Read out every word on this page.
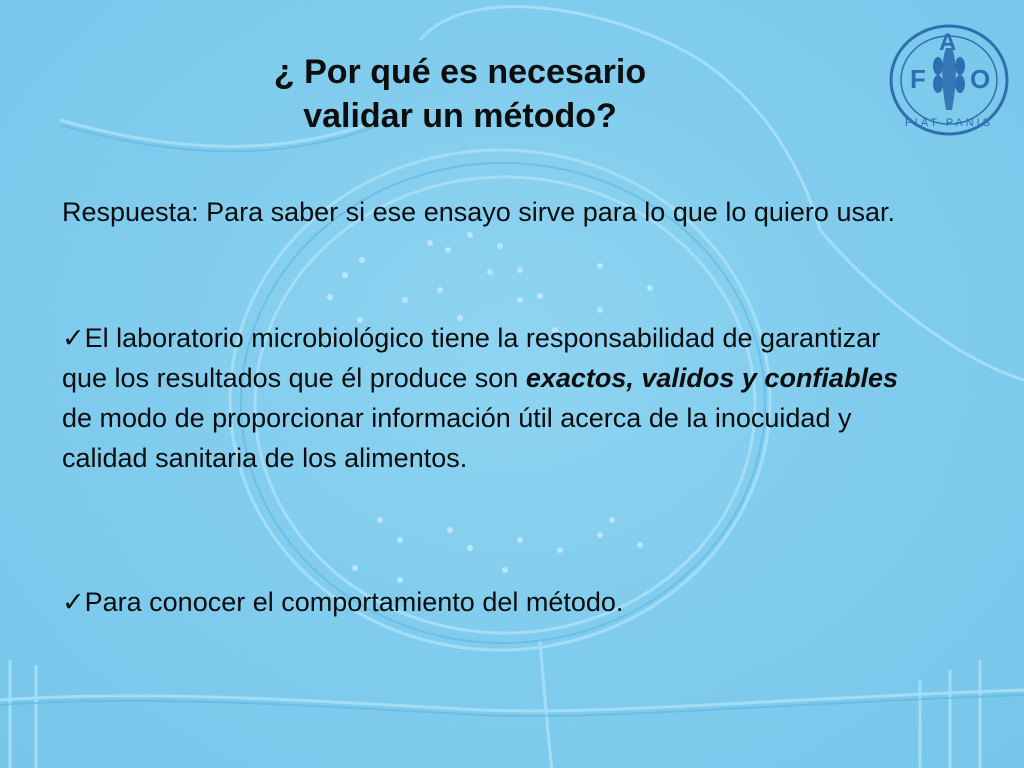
¿ Por qué es necesario
validar un método?

Respuesta: Para saber si ese ensayo sirve para lo que lo quiero usar.

✓El laboratorio microbiológico tiene la responsabilidad de garantizar que los resultados que él produce son exactos, validos y confiables de modo de proporcionar información útil acerca de la inocuidad y calidad sanitaria de los alimentos.

✓Para conocer el comportamiento del método.

F
A
O
FIAT PANIS
